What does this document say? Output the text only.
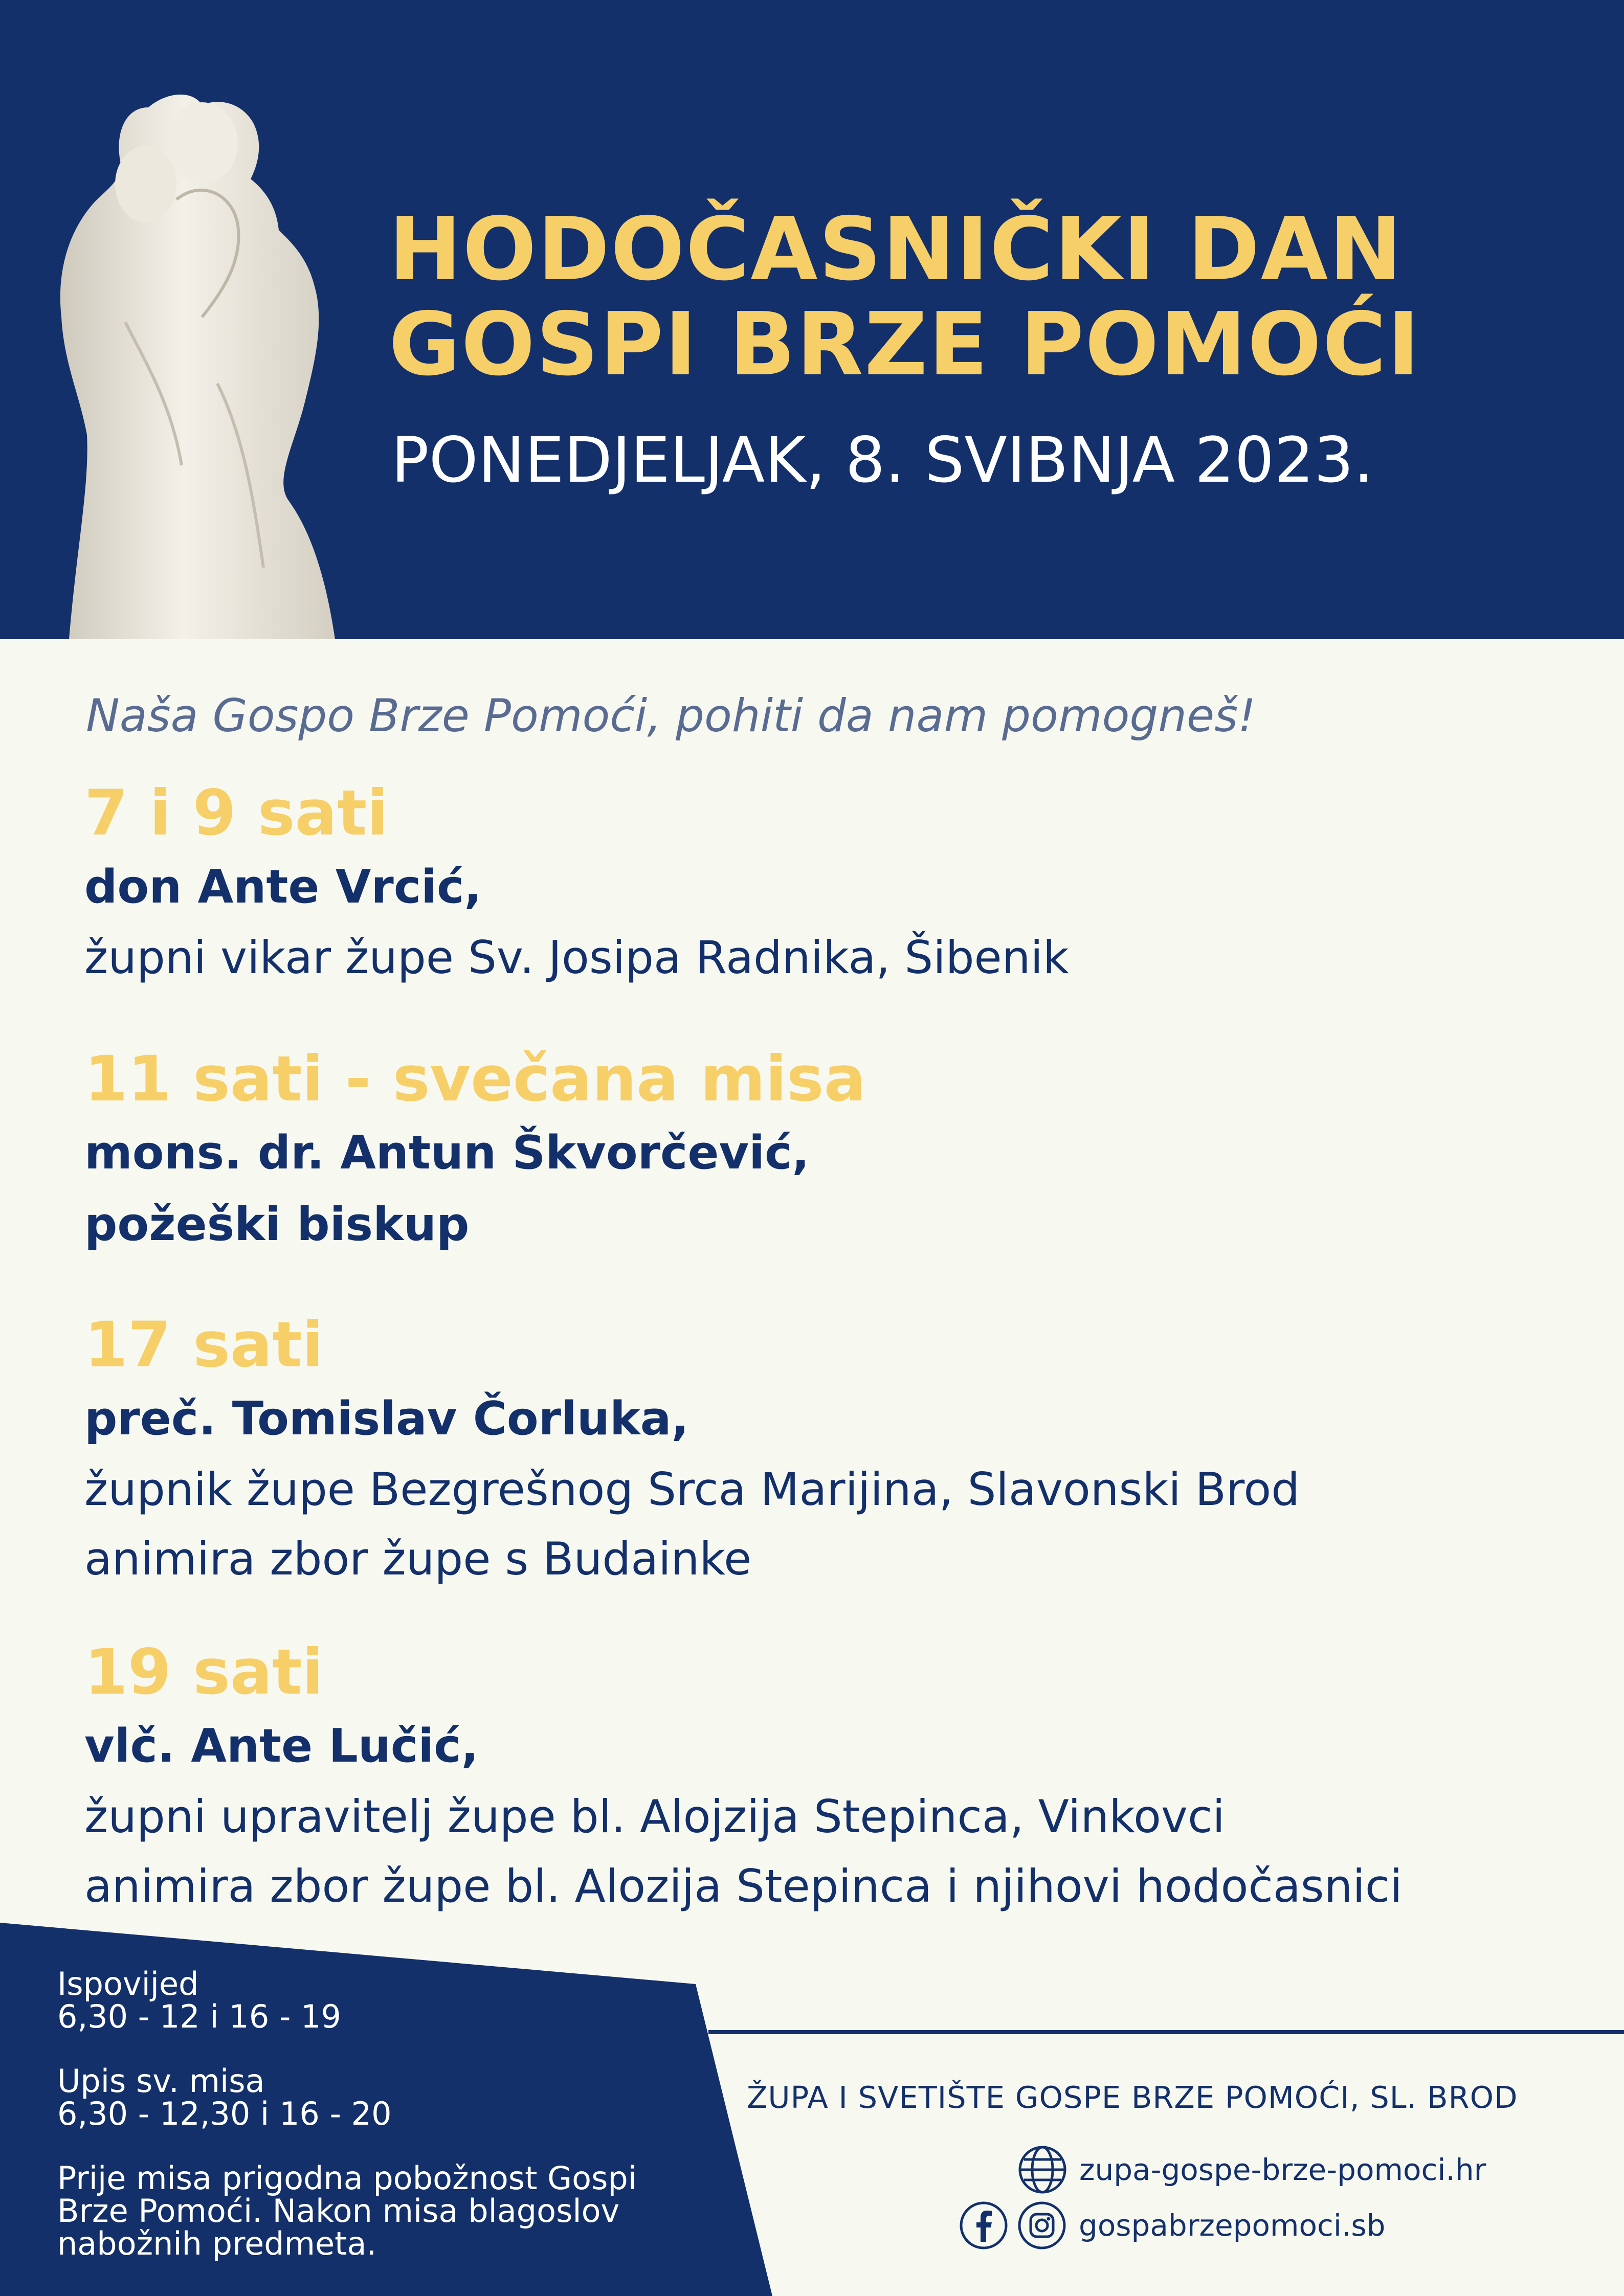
HODOČASNIČKI DAN
GOSPI BRZE POMOĆI
PONEDJELJAK, 8. SVIBNJA 2023.
Naša Gospo Brze Pomoći, pohiti da nam pomogneš!
7 i 9 sati
don Ante Vrcić,
župni vikar župe Sv. Josipa Radnika, Šibenik
11 sati - svečana misa
mons. dr. Antun Škvorčević,
požeški biskup
17 sati
preč. Tomislav Čorluka,
župnik župe Bezgrešnog Srca Marijina, Slavonski Brod
animira zbor župe s Budainke
19 sati
vlč. Ante Lučić,
župni upravitelj župe bl. Alojzija Stepinca, Vinkovci
animira zbor župe bl. Alozija Stepinca i njihovi hodočasnici
Ispovijed
6,30 - 12 i 16 - 19
Upis sv. misa
6,30 - 12,30 i 16 - 20
Prije misa prigodna pobožnost Gospi Brze Pomoći. Nakon misa blagoslov nabožnih predmeta.
ŽUPA I SVETIŠTE GOSPE BRZE POMOĆI, SL. BROD
zupa-gospe-brze-pomoci.hr
gospabrzepomoci.sb
